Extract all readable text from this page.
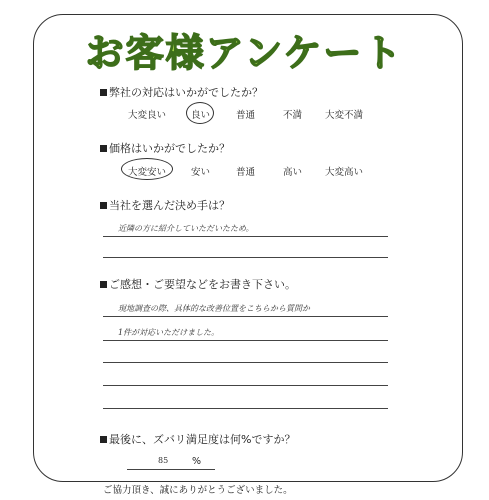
お客様アンケート
弊社の対応はいかがでしたか？
大変良い	良い	普通	不満 大変不満
価格はいかがでしたか？
大変安い	安い	普通	高い 大変高い
当社を選んだ決め手は？
近隣の方に紹介していただいたため。
ご感想・ご要望などをお書き下さい。
現地調査の際、具体的な改善位置をこちらから質問か
1件が対応いただけました。
最後に、ズバリ満足度は何%ですか？
85	%
ご協力頂き、誠にありがとうございました。
